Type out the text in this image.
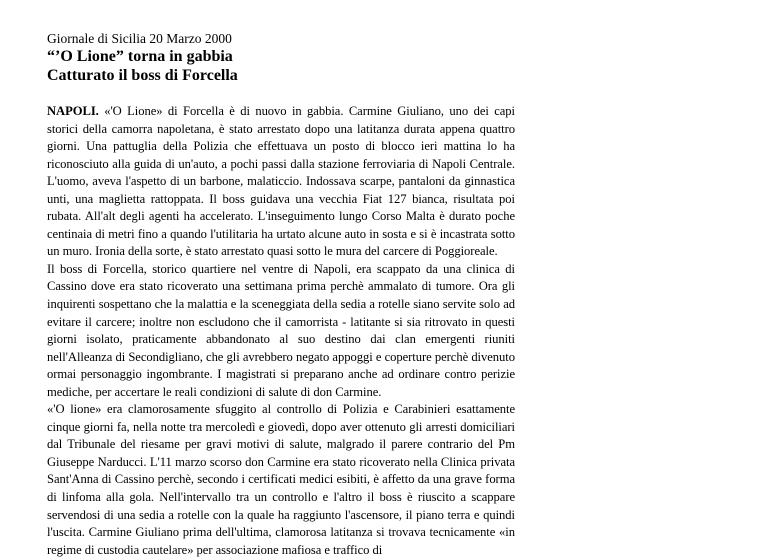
Giornale di Sicilia 20 Marzo 2000
“’O Lione” torna in gabbia
Catturato il boss di Forcella

NAPOLI. «'O Lione» di Forcella è di nuovo in gabbia. Carmine Giuliano, uno dei capi storici della camorra napoletana, è stato arrestato dopo una latitanza durata appena quattro giorni. Una pattuglia della Polizia che effettuava un posto di blocco ieri mattina lo ha riconosciuto alla guida di un'auto, a pochi passi dalla stazione ferroviaria di Napoli Centrale. L'uomo, aveva l'aspetto di un barbone, malaticcio. Indossava scarpe, pantaloni da ginnastica unti, una maglietta rattoppata. Il boss guidava una vecchia Fiat 127 bianca, risultata poi rubata. All'alt degli agenti ha accelerato. L'inseguimento lungo Corso Malta è durato poche centinaia di metri fino a quando l'utilitaria ha urtato alcune auto in sosta e si è incastrata sotto un muro. Ironia della sorte, è stato arrestato quasi sotto le mura del carcere di Poggioreale.

Il boss di Forcella, storico quartiere nel ventre di Napoli, era scappato da una clinica di Cassino dove era stato ricoverato una settimana prima perchè ammalato di tumore. Ora gli inquirenti sospettano che la malattia e la sceneggiata della sedia a rotelle siano servite solo ad evitare il carcere; inoltre non escludono che il camorrista - latitante si sia ritrovato in questi giorni isolato, praticamente abbandonato al suo destino dai clan emergenti riuniti nell'Alleanza di Secondigliano, che gli avrebbero negato appoggi e coperture perchè divenuto ormai personaggio ingombrante. I magistrati si preparano anche ad ordinare contro perizie mediche, per accertare le reali condizioni di salute di don Carmine.

«'O lione» era clamorosamente sfuggito al controllo di Polizia e Carabinieri esattamente cinque giorni fa, nella notte tra mercoledì e giovedì, dopo aver ottenuto gli arresti domiciliari dal Tribunale del riesame per gravi motivi di salute, malgrado il parere contrario del Pm Giuseppe Narducci. L'11 marzo scorso don Carmine era stato ricoverato nella Clinica privata Sant'Anna di Cassino perchè, secondo i certificati medici esibiti, è affetto da una grave forma di linfoma alla gola. Nell'intervallo tra un controllo e l'altro il boss è riuscito a scappare servendosi di una sedia a rotelle con la quale ha raggiunto l'ascensore, il piano terra e quindi l'uscita. Carmine Giuliano prima dell'ultima, clamorosa latitanza si trovava tecnicamente «in regime di custodia cautelare» per associazione mafiosa e traffico di
